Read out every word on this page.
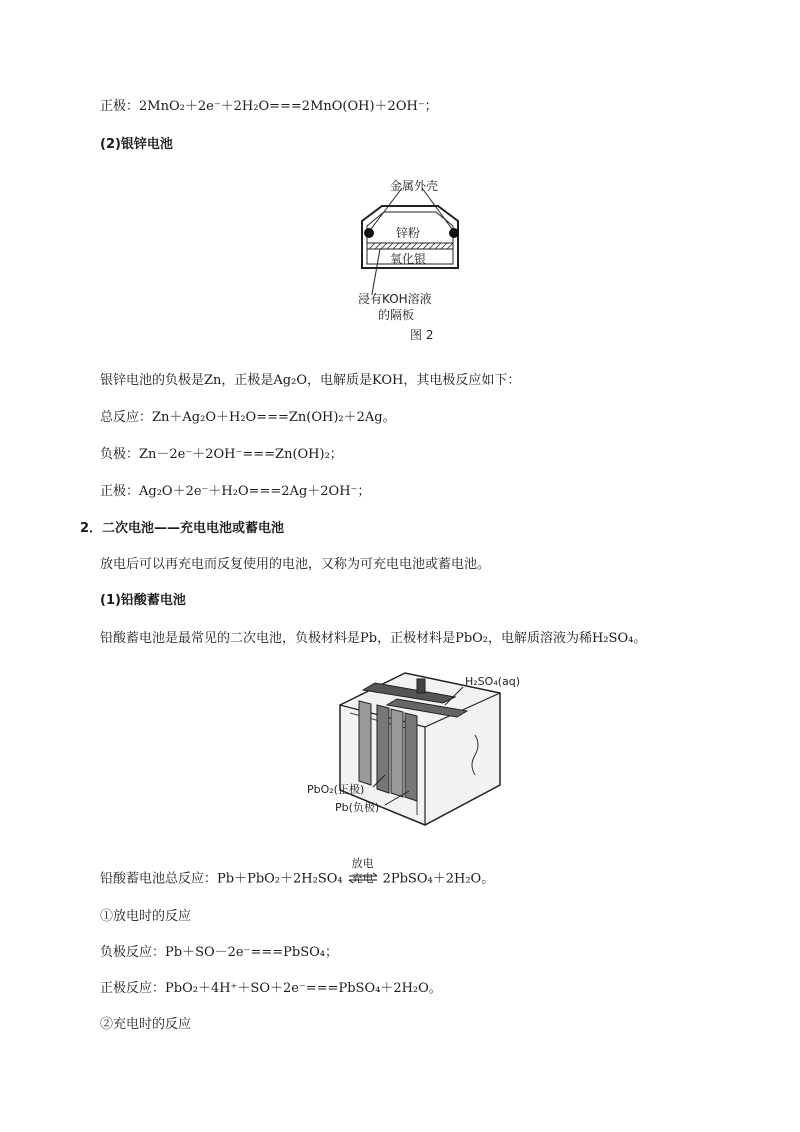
正极：2MnO₂＋2e⁻＋2H₂O===2MnO(OH)＋2OH⁻；
(2)银锌电池
金属外壳
锌粉
氧化银
浸有KOH溶液
的隔板
图 2
银锌电池的负极是Zn，正极是Ag₂O，电解质是KOH，其电极反应如下：
总反应：Zn＋Ag₂O＋H₂O===Zn(OH)₂＋2Ag。
负极：Zn－2e⁻＋2OH⁻===Zn(OH)₂；
正极：Ag₂O＋2e⁻＋H₂O===2Ag＋2OH⁻；
2．二次电池——充电电池或蓄电池
放电后可以再充电而反复使用的电池，又称为可充电电池或蓄电池。
(1)铅酸蓄电池
铅酸蓄电池是最常见的二次电池，负极材料是Pb，正极材料是PbO₂，电解质溶液为稀H₂SO₄。
H₂SO₄(aq)
PbO₂(正极)
Pb(负极)
铅酸蓄电池总反应：Pb＋PbO₂＋2H₂SO₄
放电
充电 2PbSO₄＋2H₂O。
①放电时的反应
负极反应：Pb＋SO－2e⁻===PbSO₄；
正极反应：PbO₂＋4H⁺＋SO＋2e⁻===PbSO₄＋2H₂O。
②充电时的反应
